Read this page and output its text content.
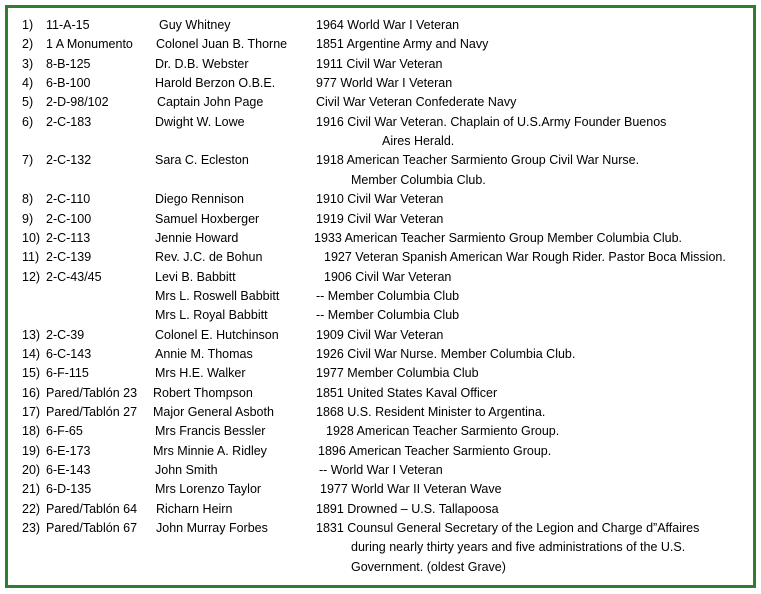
1) 11-A-15	Guy Whitney	1964 World War I Veteran
2) 1 A Monumento Colonel Juan B. Thorne 1851 Argentine Army and Navy
3) 8-B-125	Dr. D.B. Webster	1911 Civil War Veteran
4) 6-B-100	Harold Berzon O.B.E.	977 World War I Veteran
5) 2-D-98/102	Captain John Page	Civil War Veteran Confederate Navy
6) 2-C-183	Dwight W. Lowe	1916 Civil War Veteran. Chaplain of U.S.Army Founder Buenos
Aires Herald.
7) 2-C-132	Sara C. Ecleston	1918 American Teacher Sarmiento Group Civil War Nurse.
Member Columbia Club.
8) 2-C-110	Diego Rennison	1910 Civil War Veteran
9) 2-C-100	Samuel Hoxberger	1919 Civil War Veteran
10) 2-C-113	Jennie Howard	1933 American Teacher Sarmiento Group Member Columbia Club.
11) 2-C-139	Rev. J.C. de Bohun	1927 Veteran Spanish American War Rough Rider. Pastor Boca Mission.
12) 2-C-43/45	Levi B. Babbitt	1906 Civil War Veteran
Mrs L. Roswell Babbitt	-- Member Columbia Club
Mrs L. Royal Babbitt	-- Member Columbia Club
13) 2-C-39	Colonel E. Hutchinson	1909 Civil War Veteran
14) 6-C-143	Annie M. Thomas	1926 Civil War Nurse. Member Columbia Club.
15) 6-F-115	Mrs H.E. Walker	1977 Member Columbia Club
16) Pared/Tablón 23 Robert Thompson	1851 United States Kaval Officer
17) Pared/Tablón 27 Major General Asboth	1868 U.S. Resident Minister to Argentina.
18) 6-F-65	Mrs Francis Bessler	1928 American Teacher Sarmiento Group.
19) 6-E-173	Mrs Minnie A. Ridley	1896 American Teacher Sarmiento Group.
20) 6-E-143	John Smith	-- World War I Veteran
21) 6-D-135	Mrs Lorenzo Taylor	1977 World War II Veteran Wave
22) Pared/Tablón 64 Richarn Heirn	1891 Drowned – U.S. Tallapoosa
23) Pared/Tablón 67 John Murray Forbes	1831 Counsul General Secretary of the Legion and Charge d”Affaires
during nearly thirty years and five administrations of the U.S.
Government. (oldest Grave)
